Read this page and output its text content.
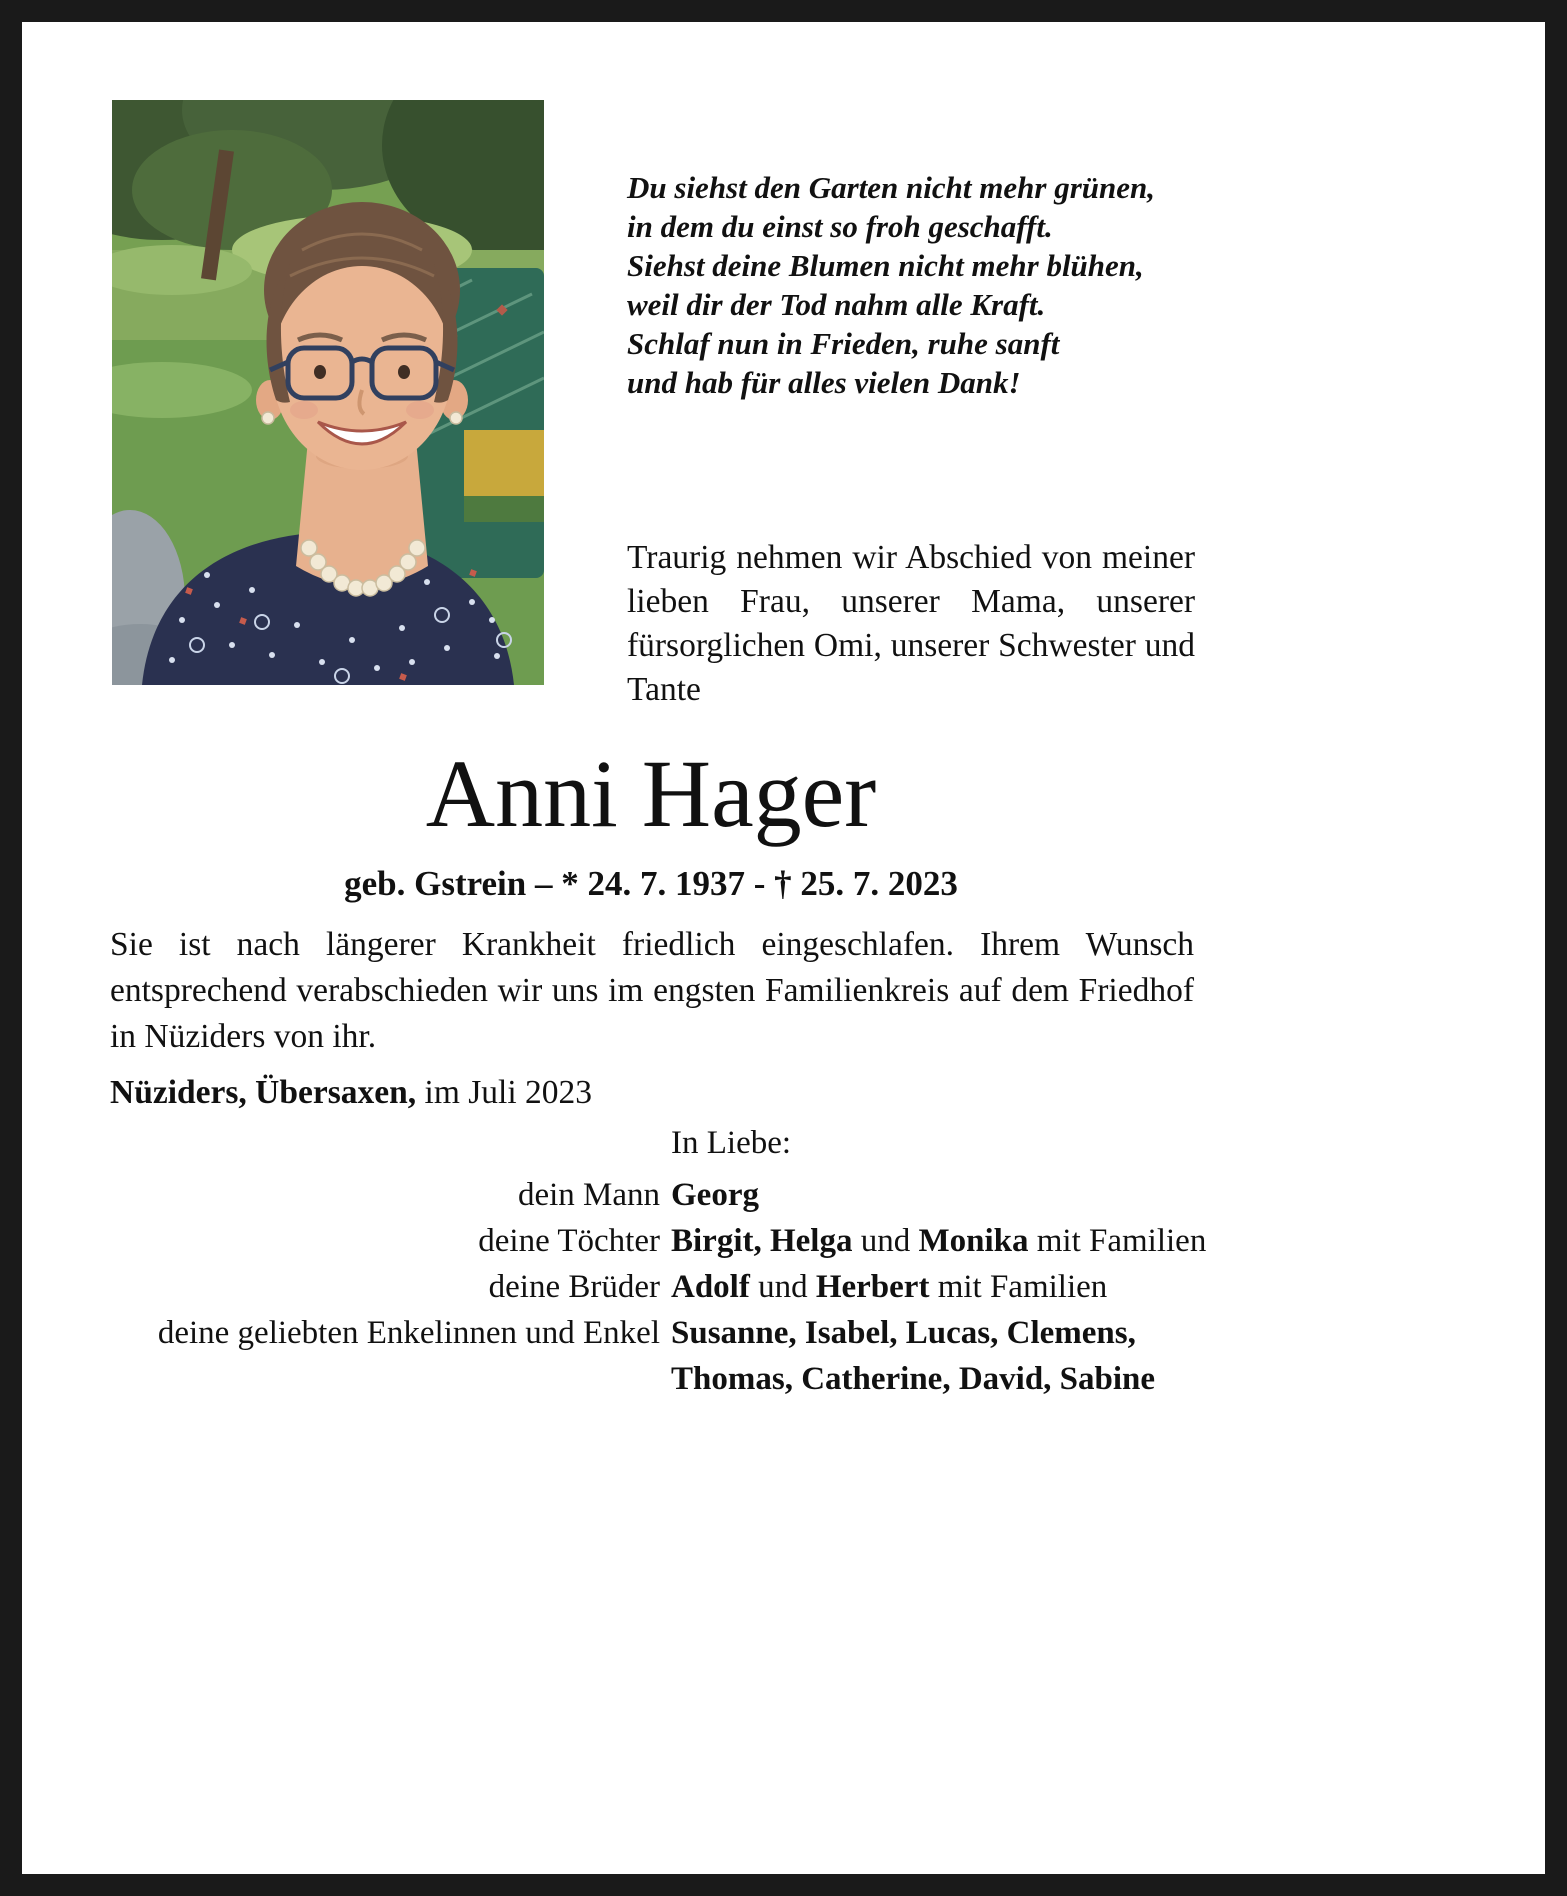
Du siehst den Garten nicht mehr grünen,
in dem du einst so froh geschafft.
Siehst deine Blumen nicht mehr blühen,
weil dir der Tod nahm alle Kraft.
Schlaf nun in Frieden, ruhe sanft
und hab für alles vielen Dank!
Traurig nehmen wir Abschied von meiner lieben Frau, unserer Mama, unserer fürsorglichen Omi, unserer Schwester und Tante
Anni Hager
geb. Gstrein – * 24. 7. 1937 - † 25. 7. 2023
Sie ist nach längerer Krankheit friedlich eingeschlafen. Ihrem Wunsch entsprechend verabschieden wir uns im engsten Familienkreis auf dem Friedhof in Nüziders von ihr.
Nüziders, Übersaxen, im Juli 2023
In Liebe:
dein Mann Georg
deine Töchter Birgit, Helga und Monika mit Familien
deine Brüder Adolf und Herbert mit Familien
deine geliebten Enkelinnen und Enkel Susanne, Isabel, Lucas, Clemens,
Thomas, Catherine, David, Sabine
